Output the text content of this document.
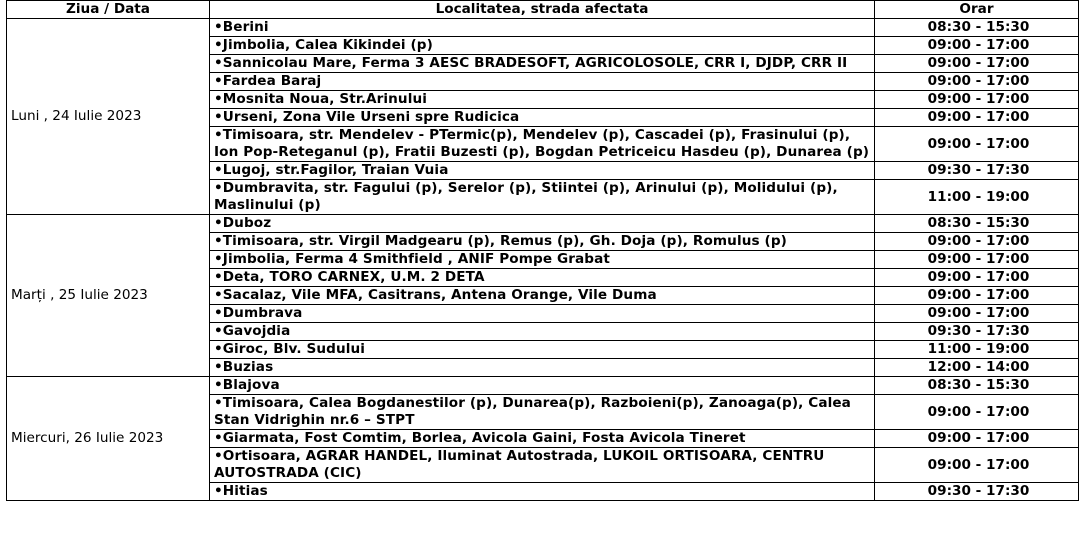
Ziua / Data	Localitatea, strada afectata	Orar
Luni , 24 Iulie 2023	•Berini	08:30 - 15:30
	•Jimbolia, Calea Kikindei (p)	09:00 - 17:00
	•Sannicolau Mare, Ferma 3 AESC BRADESOFT, AGRICOLOSOLE, CRR I, DJDP, CRR II	09:00 - 17:00
	•Fardea Baraj	09:00 - 17:00
	•Mosnita Noua, Str.Arinului	09:00 - 17:00
	•Urseni, Zona Vile Urseni spre Rudicica	09:00 - 17:00
	•Timisoara, str. Mendelev - PTermic(p), Mendelev (p), Cascadei (p), Frasinului (p), Ion Pop-Reteganul (p), Fratii Buzesti (p), Bogdan Petriceicu Hasdeu (p), Dunarea (p)	09:00 - 17:00
	•Lugoj, str.Fagilor, Traian Vuia	09:30 - 17:30
	•Dumbravita, str. Fagului (p), Serelor (p), Stiintei (p), Arinului (p), Molidului (p), Maslinului (p)	11:00 - 19:00
Marți , 25 Iulie 2023	•Duboz	08:30 - 15:30
	•Timisoara, str. Virgil Madgearu (p), Remus (p), Gh. Doja (p), Romulus (p)	09:00 - 17:00
	•Jimbolia, Ferma 4 Smithfield , ANIF Pompe Grabat	09:00 - 17:00
	•Deta, TORO CARNEX, U.M. 2 DETA	09:00 - 17:00
	•Sacalaz, Vile MFA, Casitrans, Antena Orange, Vile Duma	09:00 - 17:00
	•Dumbrava	09:00 - 17:00
	•Gavojdia	09:30 - 17:30
	•Giroc, Blv. Sudului	11:00 - 19:00
	•Buzias	12:00 - 14:00
Miercuri, 26 Iulie 2023	•Blajova	08:30 - 15:30
	•Timisoara, Calea Bogdanestilor (p), Dunarea(p), Razboieni(p), Zanoaga(p), Calea Stan Vidrighin nr.6 – STPT	09:00 - 17:00
	•Giarmata, Fost Comtim, Borlea, Avicola Gaini, Fosta Avicola Tineret	09:00 - 17:00
	•Ortisoara, AGRAR HANDEL, Iluminat Autostrada, LUKOIL ORTISOARA, CENTRU AUTOSTRADA (CIC)	09:00 - 17:00
	•Hitias	09:30 - 17:30
